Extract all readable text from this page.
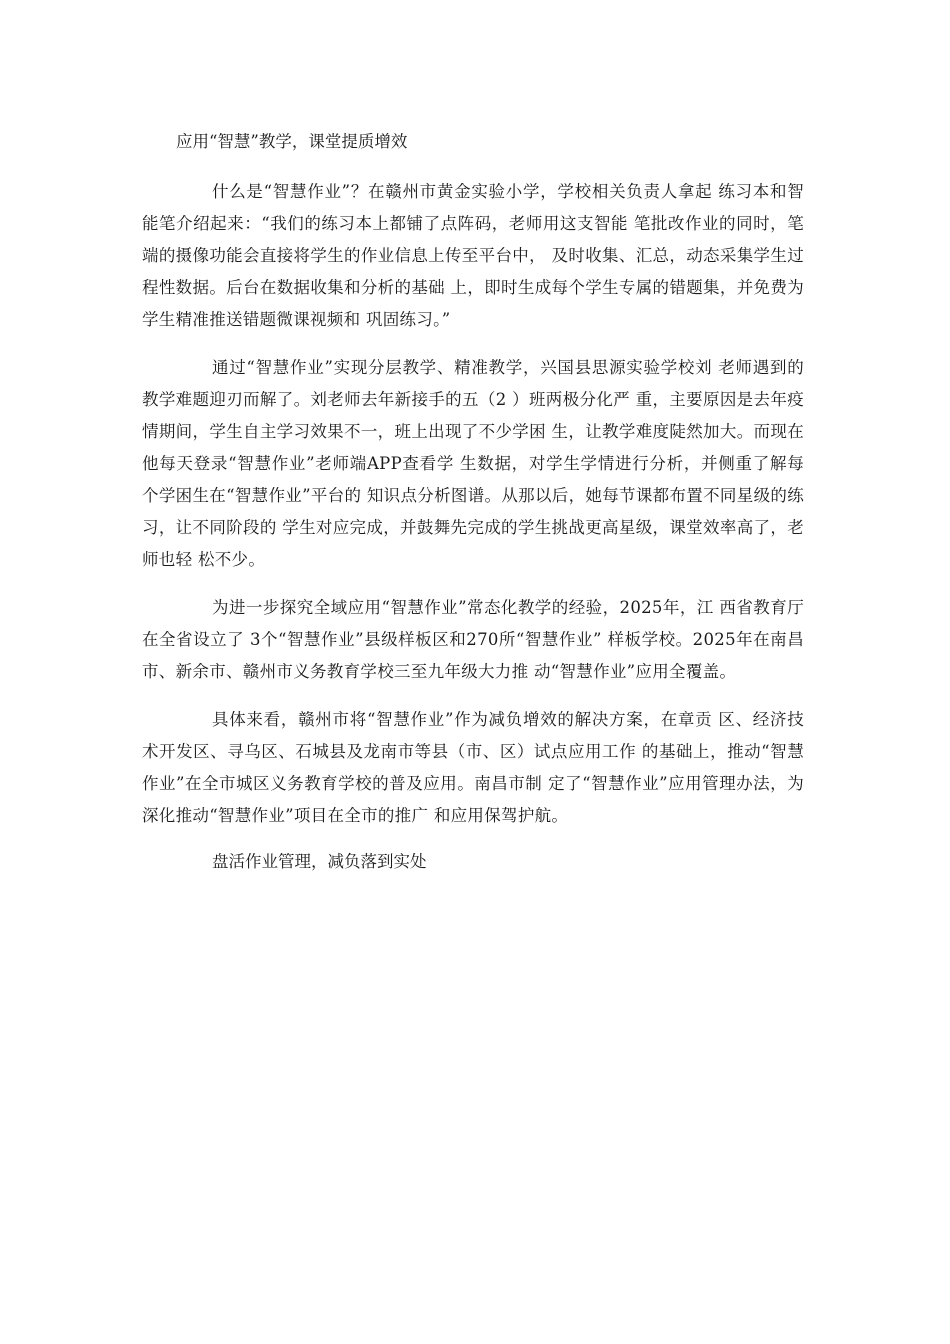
应用“智慧”教学，课堂提质增效

什么是“智慧作业”？在赣州市黄金实验小学，学校相关负责人拿起 练习本和智能笔介绍起来：“我们的练习本上都铺了点阵码，老师用这支智能 笔批改作业的同时，笔端的摄像功能会直接将学生的作业信息上传至平台中， 及时收集、汇总，动态采集学生过程性数据。后台在数据收集和分析的基础 上，即时生成每个学生专属的错题集，并免费为学生精准推送错题微课视频和 巩固练习。”

通过“智慧作业”实现分层教学、精准教学，兴国县思源实验学校刘 老师遇到的教学难题迎刃而解了。刘老师去年新接手的五（2 ）班两极分化严 重，主要原因是去年疫情期间，学生自主学习效果不一，班上出现了不少学困 生，让教学难度陡然加大。而现在他每天登录“智慧作业”老师端APP查看学 生数据，对学生学情进行分析，并侧重了解每个学困生在“智慧作业”平台的 知识点分析图谱。从那以后，她每节课都布置不同星级的练习，让不同阶段的 学生对应完成，并鼓舞先完成的学生挑战更高星级，课堂效率高了，老师也轻 松不少。

为进一步探究全域应用“智慧作业”常态化教学的经验，2025年，江 西省教育厅在全省设立了 3个“智慧作业”县级样板区和270所“智慧作业” 样板学校。2025年在南昌市、新余市、赣州市义务教育学校三至九年级大力推 动“智慧作业”应用全覆盖。

具体来看，赣州市将“智慧作业”作为减负增效的解决方案，在章贡 区、经济技术开发区、寻乌区、石城县及龙南市等县（市、区）试点应用工作 的基础上，推动“智慧作业”在全市城区义务教育学校的普及应用。南昌市制 定了“智慧作业”应用管理办法，为深化推动“智慧作业”项目在全市的推广 和应用保驾护航。

盘活作业管理，减负落到实处
